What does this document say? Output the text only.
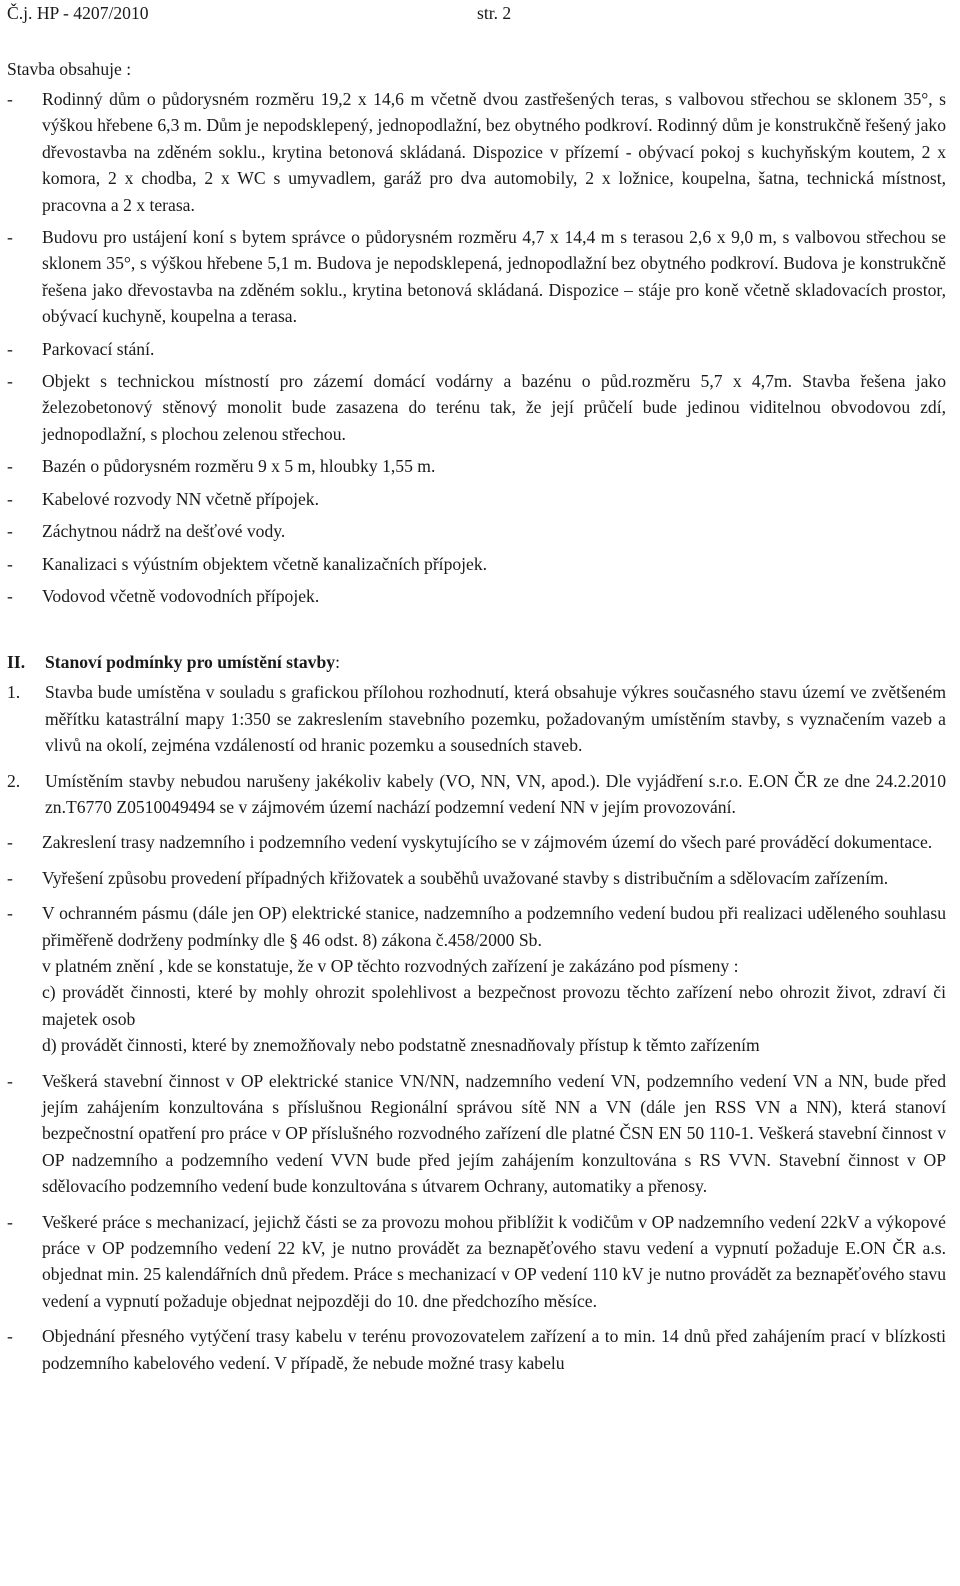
Č.j. HP - 4207/2010	str. 2
Stavba obsahuje :
-	Rodinný dům o půdorysném rozměru 19,2 x 14,6 m včetně dvou zastřešených teras, s valbovou střechou se sklonem 35°, s výškou hřebene 6,3 m. Dům je nepodsklepený, jednopodlažní, bez obytného podkroví. Rodinný dům je konstrukčně řešený jako dřevostavba na zděném soklu., krytina betonová skládaná. Dispozice v přízemí - obývací pokoj s kuchyňským koutem, 2 x komora, 2 x chodba, 2 x WC s umyvadlem, garáž pro dva automobily, 2 x ložnice, koupelna, šatna, technická místnost, pracovna a 2 x terasa.
-	Budovu pro ustájení koní s bytem správce o půdorysném rozměru 4,7 x 14,4 m s terasou 2,6 x 9,0 m, s valbovou střechou se sklonem 35°, s výškou hřebene 5,1 m. Budova je nepodsklepená, jednopodlažní bez obytného podkroví. Budova je konstrukčně řešena jako dřevostavba na zděném soklu., krytina betonová skládaná. Dispozice – stáje pro koně včetně skladovacích prostor, obývací kuchyně, koupelna a terasa.
-	Parkovací stání.
-	Objekt s technickou místností pro zázemí domácí vodárny a bazénu o půd.rozměru 5,7 x 4,7m. Stavba řešena jako železobetonový stěnový monolit bude zasazena do terénu tak, že její průčelí bude jedinou viditelnou obvodovou zdí, jednopodlažní, s plochou zelenou střechou.
-	Bazén o půdorysném rozměru 9 x 5 m, hloubky 1,55 m.
-	Kabelové rozvody NN včetně přípojek.
-	Záchytnou nádrž na dešťové vody.
-	Kanalizaci s výústním objektem včetně kanalizačních přípojek.
-	Vodovod včetně vodovodních přípojek.
II.	Stanoví podmínky pro umístění stavby:
1.	Stavba bude umístěna v souladu s grafickou přílohou rozhodnutí, která obsahuje výkres současného stavu území ve zvětšeném měřítku katastrální mapy 1:350 se zakreslením stavebního pozemku, požadovaným umístěním stavby, s vyznačením vazeb a vlivů na okolí, zejména vzdáleností od hranic pozemku a sousedních staveb.
2.	Umístěním stavby nebudou narušeny jakékoliv kabely (VO, NN, VN, apod.). Dle vyjádření s.r.o. E.ON ČR ze dne 24.2.2010 zn.T6770 Z0510049494 se v zájmovém území nachází podzemní vedení NN v jejím provozování.
-	Zakreslení trasy nadzemního i podzemního vedení vyskytujícího se v zájmovém území do všech paré prováděcí dokumentace.
-	Vyřešení způsobu provedení případných křižovatek a souběhů uvažované stavby s distribučním a sdělovacím zařízením.
-	V ochranném pásmu (dále jen OP) elektrické stanice, nadzemního a podzemního vedení budou při realizaci uděleného souhlasu přiměřeně dodrženy podmínky dle § 46 odst. 8) zákona č.458/2000 Sb.
v platném znění , kde se konstatuje, že v OP těchto rozvodných zařízení je zakázáno pod písmeny :
c) provádět činnosti, které by mohly ohrozit spolehlivost a bezpečnost provozu těchto zařízení nebo ohrozit život, zdraví či majetek osob
d) provádět činnosti, které by znemožňovaly nebo podstatně znesnadňovaly přístup k těmto zařízením
-	Veškerá stavební činnost v OP elektrické stanice VN/NN, nadzemního vedení VN, podzemního vedení VN a NN, bude před jejím zahájením konzultována s příslušnou Regionální správou sítě NN a VN (dále jen RSS VN a NN), která stanoví bezpečnostní opatření pro práce v OP příslušného rozvodného zařízení dle platné ČSN EN 50 110-1. Veškerá stavební činnost v OP nadzemního a podzemního vedení VVN bude před jejím zahájením konzultována s RS VVN. Stavební činnost v OP sdělovacího podzemního vedení bude konzultována s útvarem Ochrany, automatiky a přenosy.
-	Veškeré práce s mechanizací, jejichž části se za provozu mohou přiblížit k vodičům v OP nadzemního vedení 22kV a výkopové práce v OP podzemního vedení 22 kV, je nutno provádět za beznapěťového stavu vedení a vypnutí požaduje E.ON ČR a.s. objednat min. 25 kalendářních dnů předem. Práce s mechanizací v OP vedení 110 kV je nutno provádět za beznapěťového stavu vedení a vypnutí požaduje objednat nejpozději do 10. dne předchozího měsíce.
-	Objednání přesného vytýčení trasy kabelu v terénu provozovatelem zařízení a to min. 14 dnů před zahájením prací v blízkosti podzemního kabelového vedení. V případě, že nebude možné trasy kabelu
